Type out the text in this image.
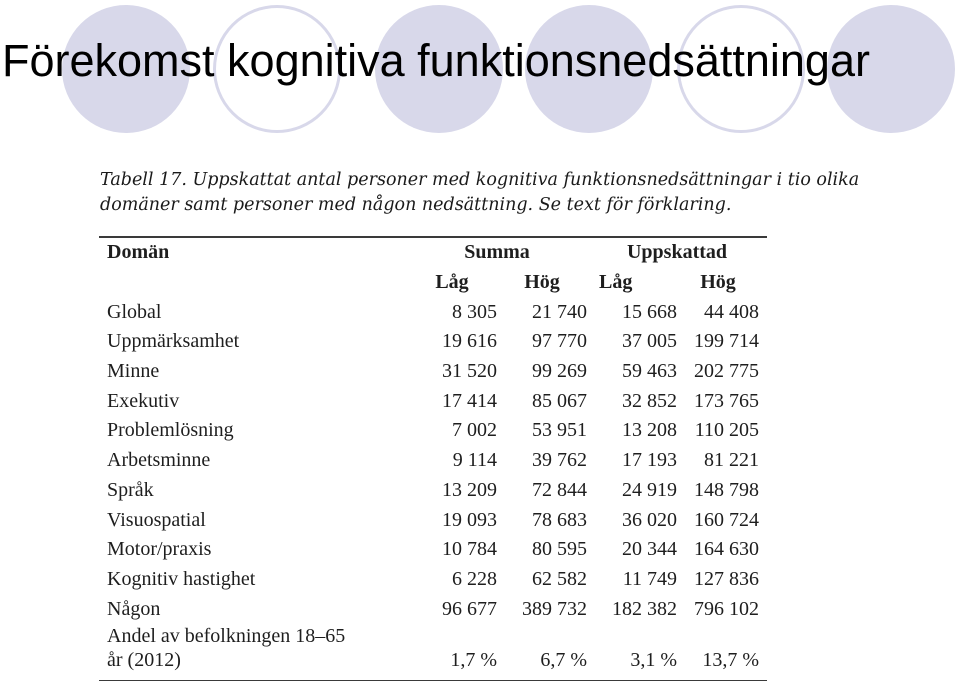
Förekomst kognitiva funktionsnedsättningar
Tabell 17. Uppskattat antal personer med kognitiva funktionsnedsättningar i tio olika domäner samt personer med någon nedsättning. Se text för förklaring.
Domän	Summa		Uppskattad	
	Låg	Hög	Låg	Hög
Global	8 305	21 740	15 668	44 408
Uppmärksamhet	19 616	97 770	37 005	199 714
Minne	31 520	99 269	59 463	202 775
Exekutiv	17 414	85 067	32 852	173 765
Problemlösning	7 002	53 951	13 208	110 205
Arbetsminne	9 114	39 762	17 193	81 221
Språk	13 209	72 844	24 919	148 798
Visuospatial	19 093	78 683	36 020	160 724
Motor/praxis	10 784	80 595	20 344	164 630
Kognitiv hastighet	6 228	62 582	11 749	127 836
Någon	96 677	389 732	182 382	796 102

Andel av befolkningen 18–65
år (2012)	1,7 %	6,7 %	3,1 %	13,7 %
